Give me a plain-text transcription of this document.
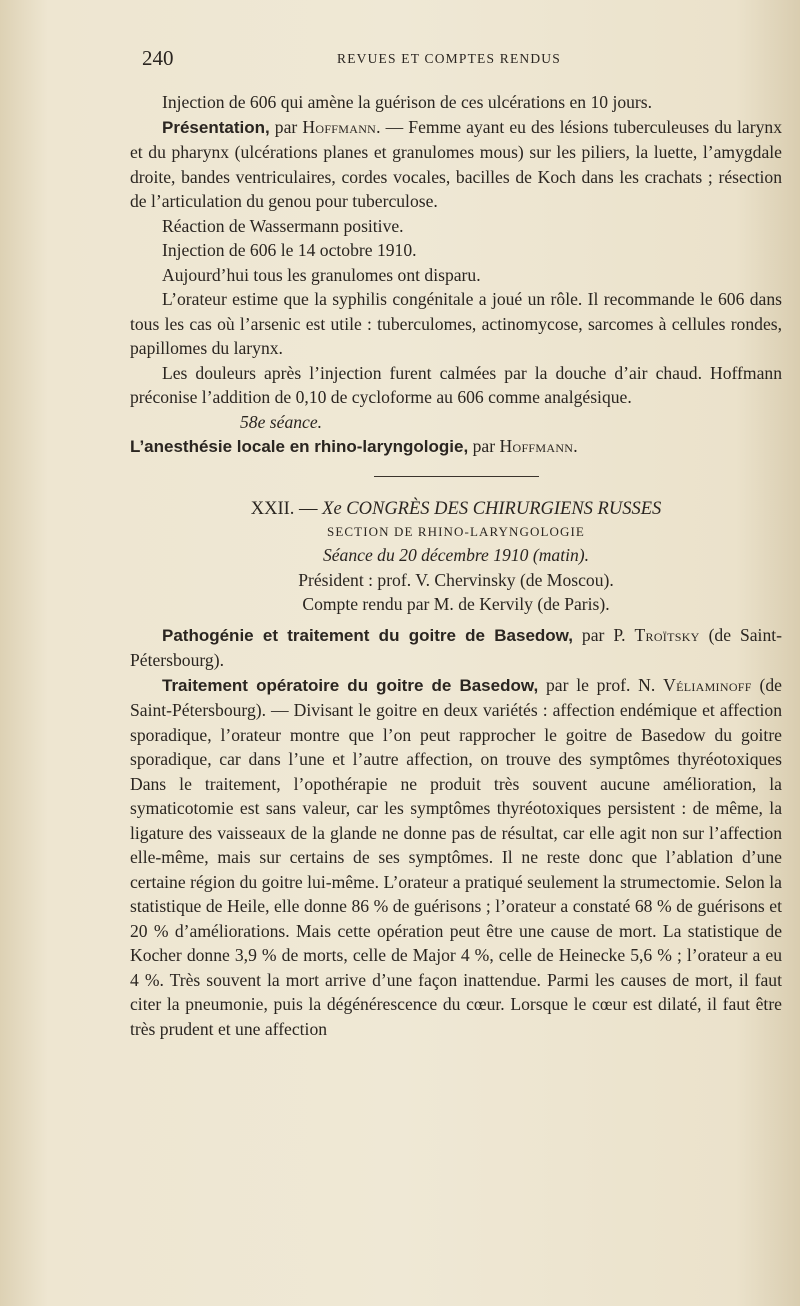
240	REVUES ET COMPTES RENDUS

Injection de 606 qui amène la guérison de ces ulcérations en 10 jours.

Présentation, par Hoffmann. — Femme ayant eu des lésions tuberculeuses du larynx et du pharynx (ulcérations planes et granulomes mous) sur les piliers, la luette, l’amygdale droite, bandes ventriculaires, cordes vocales, bacilles de Koch dans les crachats ; résection de l’articulation du genou pour tuberculose.

Réaction de Wassermann positive.

Injection de 606 le 14 octobre 1910.

Aujourd’hui tous les granulomes ont disparu.

L’orateur estime que la syphilis congénitale a joué un rôle. Il recommande le 606 dans tous les cas où l’arsenic est utile : tuberculomes, actinomycose, sarcomes à cellules rondes, papillomes du larynx.

Les douleurs après l’injection furent calmées par la douche d’air chaud. Hoffmann préconise l’addition de 0,10 de cycloforme au 606 comme analgésique.

58e séance.

L’anesthésie locale en rhino-laryngologie, par Hoffmann.

XXII. — Xe CONGRÈS DES CHIRURGIENS RUSSES

SECTION DE RHINO-LARYNGOLOGIE

Séance du 20 décembre 1910 (matin).

Président : prof. V. Chervinsky (de Moscou).

Compte rendu par M. de Kervily (de Paris).

Pathogénie et traitement du goitre de Basedow, par P. Troïtsky (de Saint-Pétersbourg).

Traitement opératoire du goitre de Basedow, par le prof. N. Véliaminoff (de Saint-Pétersbourg). — Divisant le goitre en deux variétés : affection endémique et affection sporadique, l’orateur montre que l’on peut rapprocher le goitre de Basedow du goitre sporadique, car dans l’une et l’autre affection, on trouve des symptômes thyréotoxiques Dans le traitement, l’opothérapie ne produit très souvent aucune amélioration, la symaticotomie est sans valeur, car les symptômes thyréotoxiques persistent : de même, la ligature des vaisseaux de la glande ne donne pas de résultat, car elle agit non sur l’affection elle-même, mais sur certains de ses symptômes. Il ne reste donc que l’ablation d’une certaine région du goitre lui-même. L’orateur a pratiqué seulement la strumectomie. Selon la statistique de Heile, elle donne 86 % de guérisons ; l’orateur a constaté 68 % de guérisons et 20 % d’améliorations. Mais cette opération peut être une cause de mort. La statistique de Kocher donne 3,9 % de morts, celle de Major 4 %, celle de Heinecke 5,6 % ; l’orateur a eu 4 %. Très souvent la mort arrive d’une façon inattendue. Parmi les causes de mort, il faut citer la pneumonie, puis la dégénérescence du cœur. Lorsque le cœur est dilaté, il faut être très prudent et une affection
